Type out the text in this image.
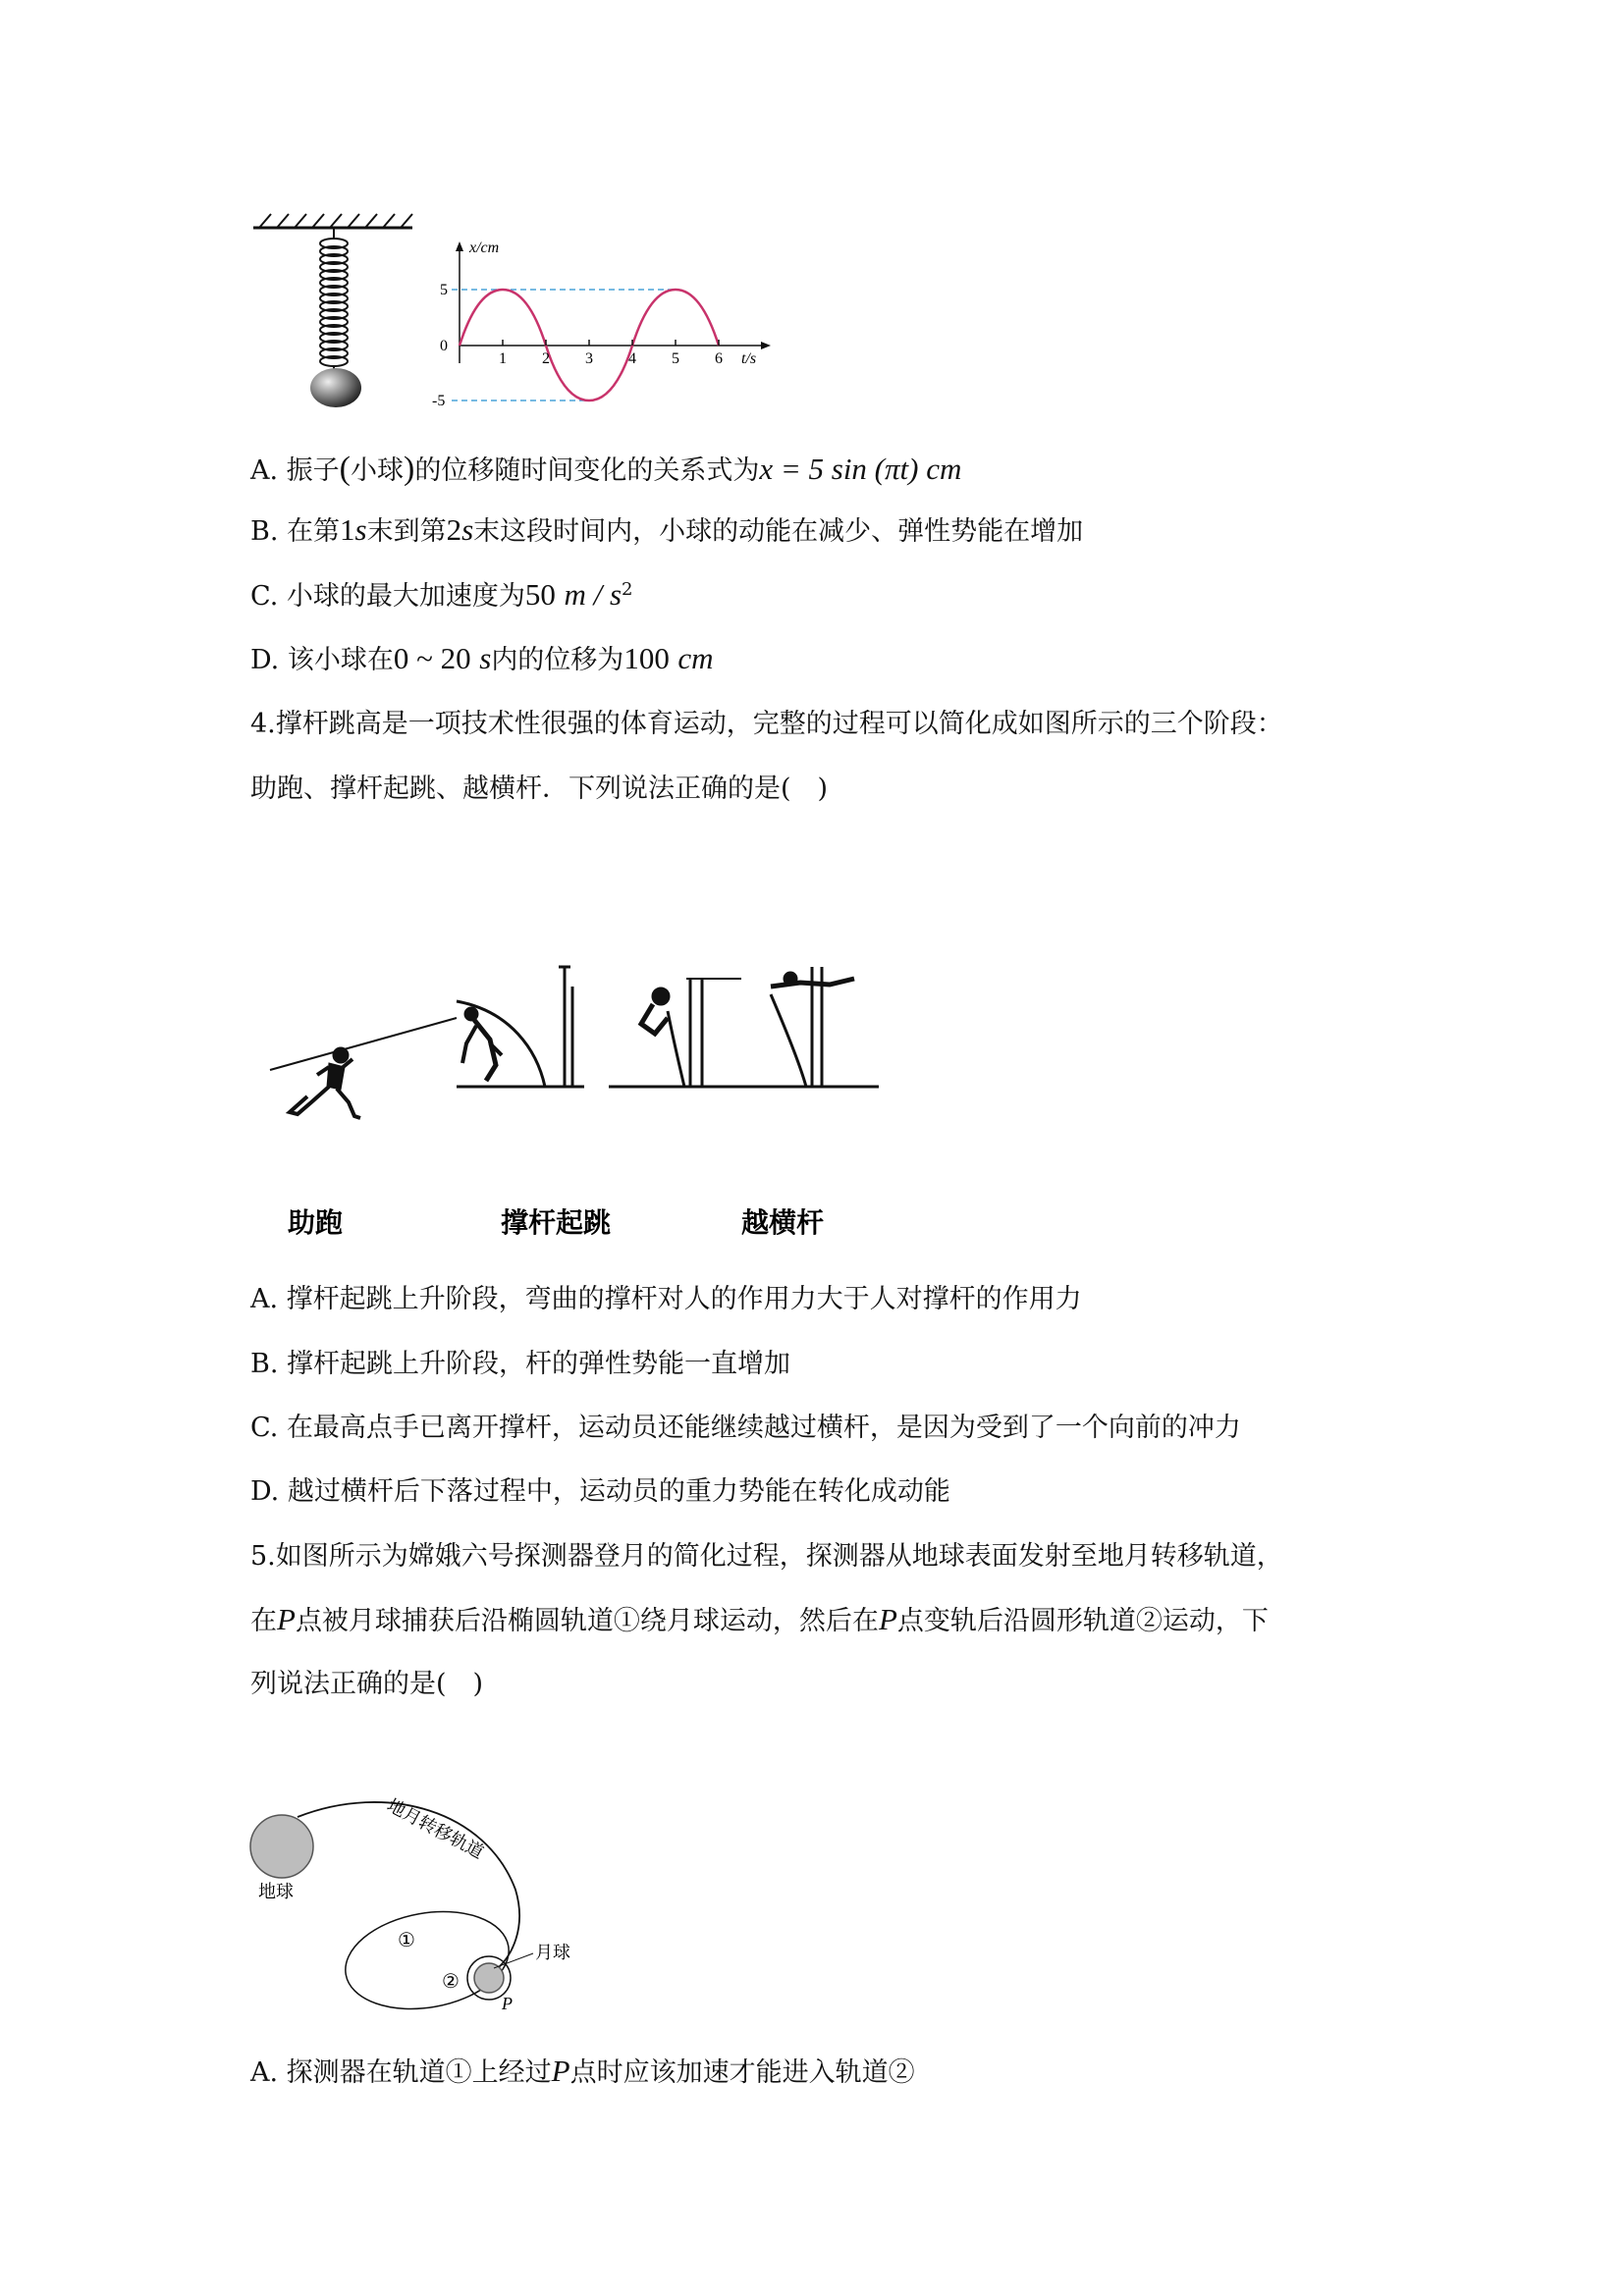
x/cm
t/s
5
0
-5
1 2 3 4 5 6
A. 振子(小球)的位移随时间变化的关系式为x = 5 sin (πt) cm
B. 在第1s末到第2s末这段时间内，小球的动能在减少、弹性势能在增加
C. 小球的最大加速度为50 m / $s^2$
D. 该小球在0 ~ 20 s内的位移为100 cm
4.撑杆跳高是一项技术性很强的体育运动，完整的过程可以简化成如图所示的三个阶段：
助跑、撑杆起跳、越横杆．下列说法正确的是(　)
助跑	撑杆起跳	越横杆
A. 撑杆起跳上升阶段，弯曲的撑杆对人的作用力大于人对撑杆的作用力
B. 撑杆起跳上升阶段，杆的弹性势能一直增加
C. 在最高点手已离开撑杆，运动员还能继续越过横杆，是因为受到了一个向前的冲力
D. 越过横杆后下落过程中，运动员的重力势能在转化成动能
5.如图所示为嫦娥六号探测器登月的简化过程，探测器从地球表面发射至地月转移轨道，
在P点被月球捕获后沿椭圆轨道①绕月球运动，然后在P点变轨后沿圆形轨道②运动，下
列说法正确的是(　)
地球
地月转移轨道
月球
①
②
P
A. 探测器在轨道①上经过P点时应该加速才能进入轨道②
